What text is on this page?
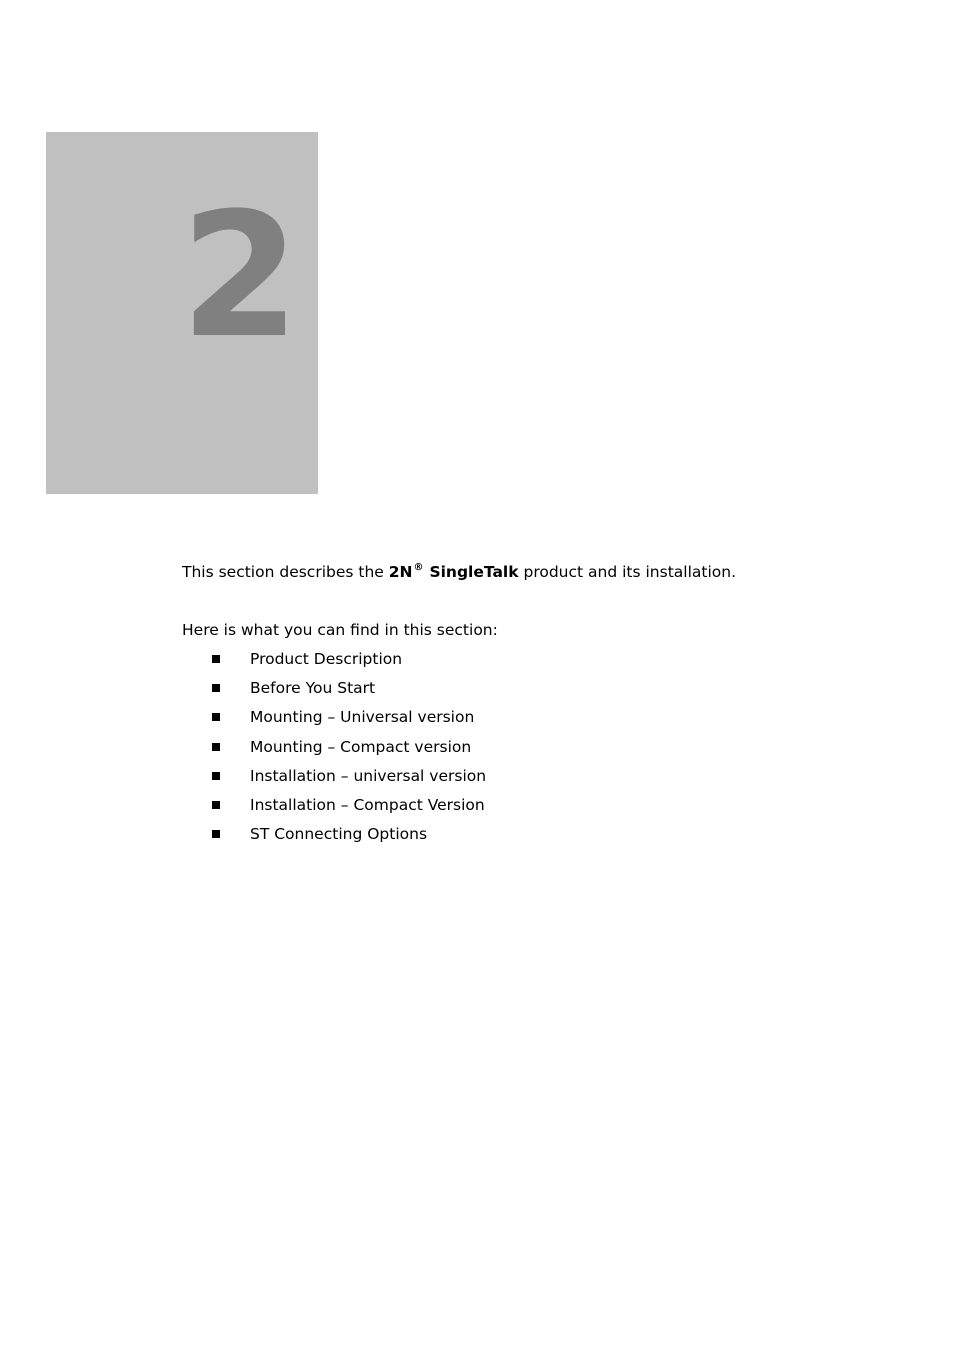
2
This section describes the 2N® SingleTalk product and its installation.
Here is what you can find in this section:
Product Description
Before You Start
Mounting – Universal version
Mounting – Compact version
Installation – universal version
Installation – Compact Version
ST Connecting Options
